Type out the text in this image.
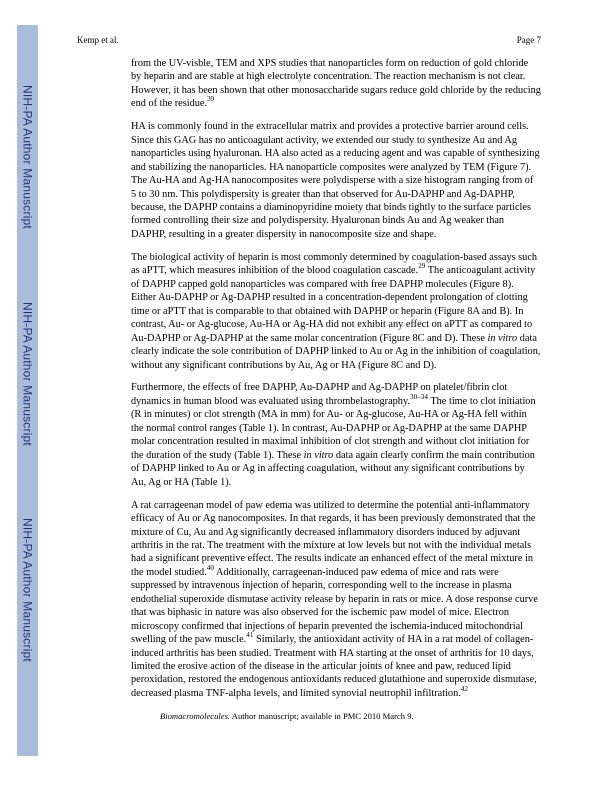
NIH-PA Author Manuscript
NIH-PA Author Manuscript
NIH-PA Author Manuscript
Kemp et al.	Page 7

from the UV-visble, TEM and XPS studies that nanoparticles form on reduction of gold chloride by heparin and are stable at high electrolyte concentration. The reaction mechanism is not clear. However, it has been shown that other monosaccharide sugars reduce gold chloride by the reducing end of the residue.$^{39}$

HA is commonly found in the extracellular matrix and provides a protective barrier around cells. Since this GAG has no anticoagulant activity, we extended our study to synthesize Au and Ag nanoparticles using hyaluronan. HA also acted as a reducing agent and was capable of synthesizing and stabilizing the nanoparticles. HA nanoparticle composites were analyzed by TEM (Figure 7). The Au-HA and Ag-HA nanocomposites were polydisperse with a size histogram ranging from of 5 to 30 nm. This polydispersity is greater than that observed for Au-DAPHP and Ag-DAPHP, because, the DAPHP contains a diaminopyridine moiety that binds tightly to the surface particles formed controlling their size and polydispersity. Hyaluronan binds Au and Ag weaker than DAPHP, resulting in a greater dispersity in nanocomposite size and shape.

The biological activity of heparin is most commonly determined by coagulation-based assays such as aPTT, which measures inhibition of the blood coagulation cascade.$^{29}$ The anticoagulant activity of DAPHP capped gold nanoparticles was compared with free DAPHP molecules (Figure 8). Either Au-DAPHP or Ag-DAPHP resulted in a concentration-dependent prolongation of clotting time or aPTT that is comparable to that obtained with DAPHP or heparin (Figure 8A and B). In contrast, Au- or Ag-glucose, Au-HA or Ag-HA did not exhibit any effect on aPTT as compared to Au-DAPHP or Ag-DAPHP at the same molar concentration (Figure 8C and D). These in vitro data clearly indicate the sole contribution of DAPHP linked to Au or Ag in the inhibition of coagulation, without any significant contributions by Au, Ag or HA (Figure 8C and D).

Furthermore, the effects of free DAPHP, Au-DAPHP and Ag-DAPHP on platelet/fibrin clot dynamics in human blood was evaluated using thrombelastography.$^{30-34}$ The time to clot initiation (R in minutes) or clot strength (MA in mm) for Au- or Ag-glucose, Au-HA or Ag-HA fell within the normal control ranges (Table 1). In contrast, Au-DAPHP or Ag-DAPHP at the same DAPHP molar concentration resulted in maximal inhibition of clot strength and without clot initiation for the duration of the study (Table 1). These in vitro data again clearly confirm the main contribution of DAPHP linked to Au or Ag in affecting coagulation, without any significant contributions by Au, Ag or HA (Table 1).

A rat carrageenan model of paw edema was utilized to determine the potential anti-inflammatory efficacy of Au or Ag nanocomposites. In that regards, it has been previously demonstrated that the mixture of Cu, Au and Ag significantly decreased inflammatory disorders induced by adjuvant arthritis in the rat. The treatment with the mixture at low levels but not with the individual metals had a significant preventive effect. The results indicate an enhanced effect of the metal mixture in the model studied.$^{40}$ Additionally, carrageenan-induced paw edema of mice and rats were suppressed by intravenous injection of heparin, corresponding well to the increase in plasma endothelial superoxide dismutase activity release by heparin in rats or mice. A dose response curve that was biphasic in nature was also observed for the ischemic paw model of mice. Electron microscopy confirmed that injections of heparin prevented the ischemia-induced mitochondrial swelling of the paw muscle.$^{41}$ Similarly, the antioxidant activity of HA in a rat model of collagen-induced arthritis has been studied. Treatment with HA starting at the onset of arthritis for 10 days, limited the erosive action of the disease in the articular joints of knee and paw, reduced lipid peroxidation, restored the endogenous antioxidants reduced glutathione and superoxide dismutase, decreased plasma TNF-alpha levels, and limited synovial neutrophil infiltration.$^{42}$

Biomacromolecules. Author manuscript; available in PMC 2010 March 9.
